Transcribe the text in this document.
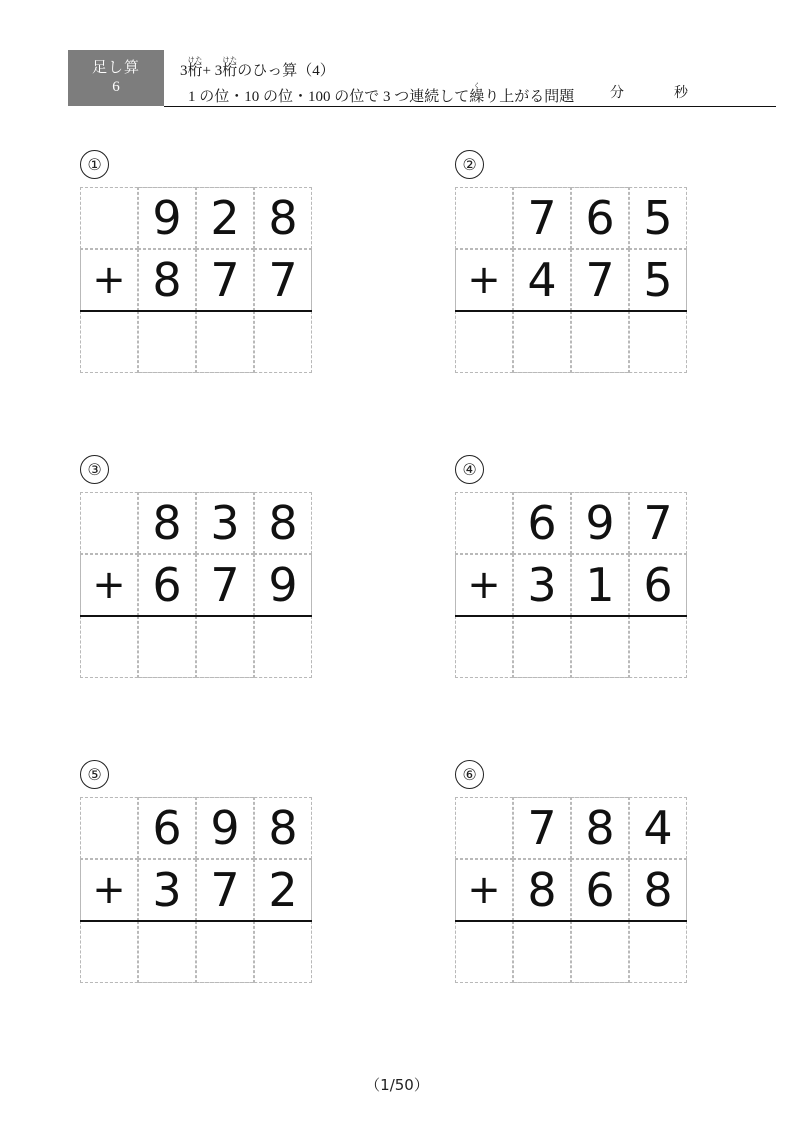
足し算
6
3桁けた+ 3桁けたのひっ算（4）
1 の位・10 の位・100 の位で 3 つ連続して繰くり上がる問題	分	秒
①
9 2 8
+ 8 7 7
②
7 6 5
+ 4 7 5
③
8 3 8
+ 6 7 9
④
6 9 7
+ 3 1 6
⑤
6 9 8
+ 3 7 2
⑥
7 8 4
+ 8 6 8
（1/50）
